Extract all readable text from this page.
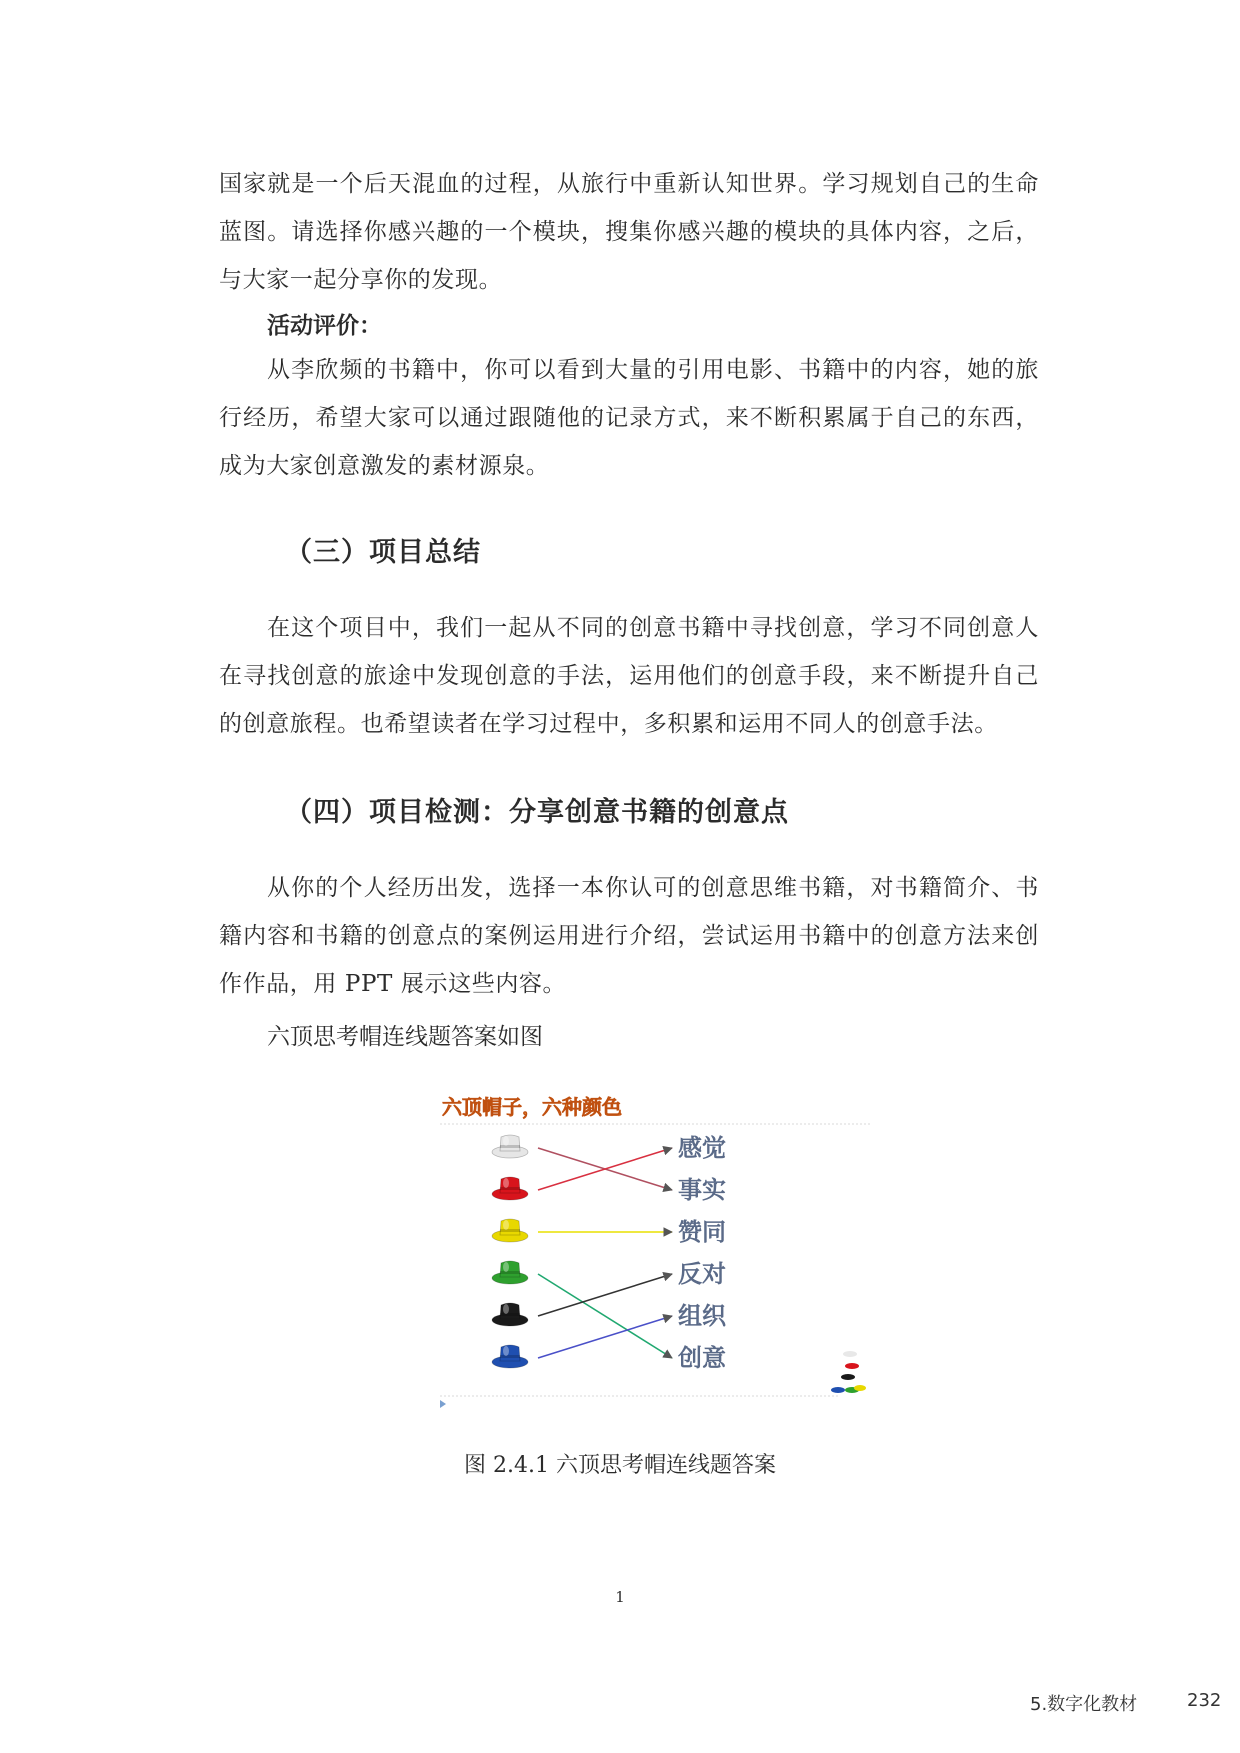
国家就是一个后天混血的过程，从旅行中重新认知世界。学习规划自己的生命蓝图。请选择你感兴趣的一个模块，搜集你感兴趣的模块的具体内容，之后，与大家一起分享你的发现。

活动评价：

从李欣频的书籍中，你可以看到大量的引用电影、书籍中的内容，她的旅行经历，希望大家可以通过跟随他的记录方式，来不断积累属于自己的东西，成为大家创意激发的素材源泉。

（三）项目总结

在这个项目中，我们一起从不同的创意书籍中寻找创意，学习不同创意人在寻找创意的旅途中发现创意的手法，运用他们的创意手段，来不断提升自己的创意旅程。也希望读者在学习过程中，多积累和运用不同人的创意手法。

（四）项目检测：分享创意书籍的创意点

从你的个人经历出发，选择一本你认可的创意思维书籍，对书籍简介、书籍内容和书籍的创意点的案例运用进行介绍，尝试运用书籍中的创意方法来创作作品，用 PPT 展示这些内容。

六顶思考帽连线题答案如图

六顶帽子，六种颜色
感觉
事实
赞同
反对
组织
创意

图 2.4.1 六顶思考帽连线题答案

1

5.数字化教材	232
